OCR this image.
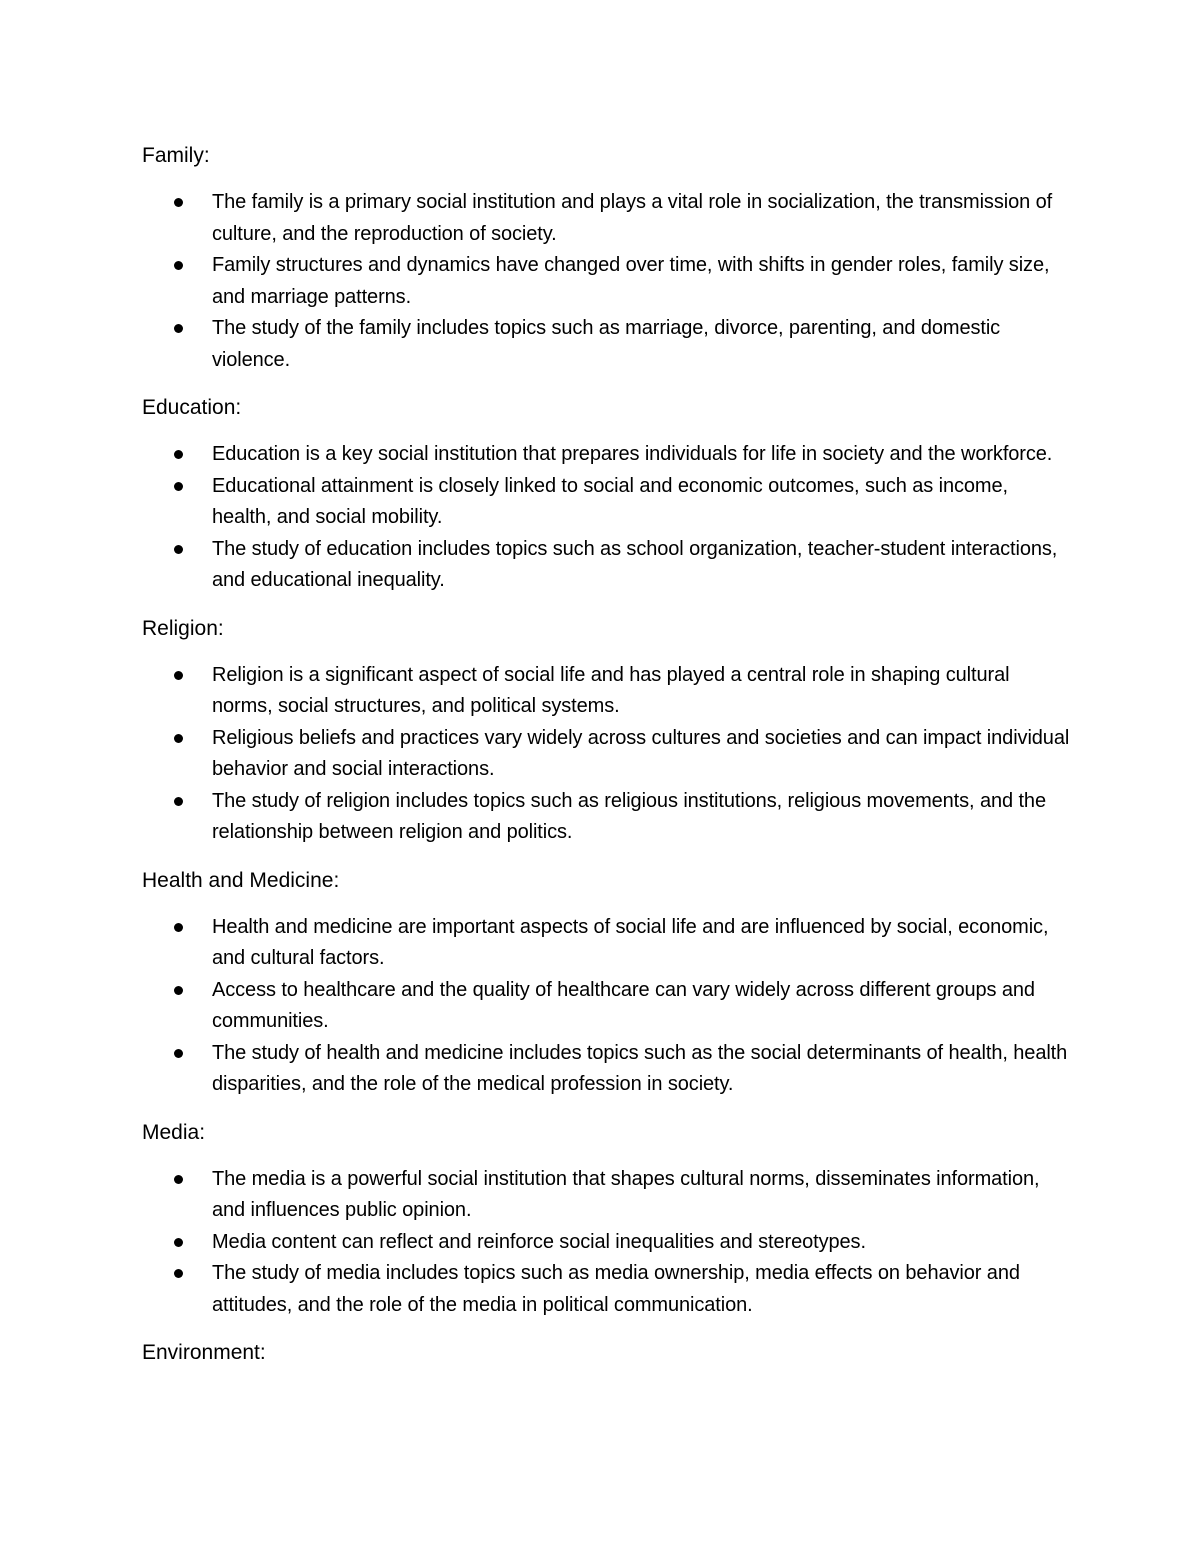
Family:
The family is a primary social institution and plays a vital role in socialization, the transmission of culture, and the reproduction of society.
Family structures and dynamics have changed over time, with shifts in gender roles, family size, and marriage patterns.
The study of the family includes topics such as marriage, divorce, parenting, and domestic violence.
Education:
Education is a key social institution that prepares individuals for life in society and the workforce.
Educational attainment is closely linked to social and economic outcomes, such as income, health, and social mobility.
The study of education includes topics such as school organization, teacher-student interactions, and educational inequality.
Religion:
Religion is a significant aspect of social life and has played a central role in shaping cultural norms, social structures, and political systems.
Religious beliefs and practices vary widely across cultures and societies and can impact individual behavior and social interactions.
The study of religion includes topics such as religious institutions, religious movements, and the relationship between religion and politics.
Health and Medicine:
Health and medicine are important aspects of social life and are influenced by social, economic, and cultural factors.
Access to healthcare and the quality of healthcare can vary widely across different groups and communities.
The study of health and medicine includes topics such as the social determinants of health, health disparities, and the role of the medical profession in society.
Media:
The media is a powerful social institution that shapes cultural norms, disseminates information, and influences public opinion.
Media content can reflect and reinforce social inequalities and stereotypes.
The study of media includes topics such as media ownership, media effects on behavior and attitudes, and the role of the media in political communication.
Environment:
